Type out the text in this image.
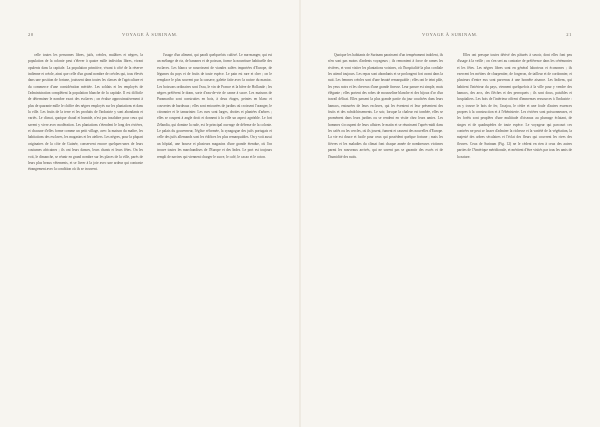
20	VOYAGE À SURINAM.

celle toutes les personnes libres, juifs, créoles, mulâtres et nègres, la population de la colonie peut s'élever à quatre mille individus libres, vivant opulents dans la capitale. La population primitive, vivant à côté de la réserve indienne et créole, ainsi que celle d'un grand nombre de créoles qui, tous élevés dans une position de fortune, jouissent dans toutes les classes de l'agriculture et du commerce d'une considération méritée. Les soldats et les employés de l'administration complètent la population blanche de la capitale. Il est difficile de déterminer le nombre exact des esclaves ; on évalue approximativement à plus de quarante mille le chiffre des nègres employés sur les plantations et dans la ville. Les fruits de la terre et les produits de l'industrie y sont abondants et variés. Le climat, quoique chaud et humide, n'est pas insalubre pour ceux qui savent y vivre avec modération. Les plantations s'étendent le long des rivières, et chacune d'elles forme comme un petit village, avec la maison du maître, les habitations des esclaves, les magasins et les ateliers. Les nègres, pour la plupart originaires de la côte de Guinée, conservent encore quelques-unes de leurs coutumes africaines ; ils ont leurs danses, leurs chants et leurs fêtes. On les voit, le dimanche, se réunir en grand nombre sur les places de la ville, parés de leurs plus beaux vêtements, et se livrer à la joie avec une ardeur qui contraste étrangement avec la condition où ils se trouvent.

l'usage d'un aliment, qui paraît quelquefois cultivé. Le ma-manger, qui est un mélange de riz, de bananes et de poisson, forme la nourriture habituelle des esclaves. Les blancs se nourrissent de viandes salées importées d'Europe, de légumes du pays et de fruits de toute espèce. Le pain est rare et cher ; on le remplace le plus souvent par la cassave, galette faite avec la racine du manioc. Les boissons ordinaires sont l'eau, le vin de France et la bière de Hollande ; les nègres préfèrent le dram, sorte d'eau-de-vie de canne à sucre. Les maisons de Paramaribo sont construites en bois, à deux étages, peintes en blanc et couvertes de bardeaux ; elles sont entourées de jardins où croissent l'oranger, le citronnier et le tamarinier. Les rues sont larges, droites et plantées d'arbres ; elles se coupent à angle droit et donnent à la ville un aspect agréable. Le fort Zélandia, qui domine la rade, est le principal ouvrage de défense de la colonie. Le palais du gouverneur, l'église réformée, la synagogue des juifs portugais et celle des juifs allemands sont les édifices les plus remarquables. On y voit aussi un hôpital, une bourse et plusieurs magasins d'une grande étendue, où l'on trouve toutes les marchandises de l'Europe et des Indes. Le port est toujours rempli de navires qui viennent charger le sucre, le café, le cacao et le coton.

VOYAGE À SURINAM.	21

Quoique les habitants de Surinam paraissent d'un tempérament indolent, ils n'en sont pas moins d'ardents voyageurs ; ils remontent à force de rames les rivières, et vont visiter les plantations voisines, où l'hospitalité la plus cordiale les attend toujours. Les repas sont abondants et se prolongent fort avant dans la nuit. Les femmes créoles sont d'une beauté remarquable ; elles ont le teint pâle, les yeux noirs et les cheveux d'une grande finesse. Leur parure est simple, mais élégante ; elles portent des robes de mousseline blanche et des bijoux d'or d'un travail délicat. Elles passent la plus grande partie du jour couchées dans leurs hamacs, entourées de leurs esclaves, qui les éventent et leur présentent des fruits et des rafraîchissements. Le soir, lorsque la chaleur est tombée, elles se promènent dans leurs jardins ou se rendent en visite chez leurs amies. Les hommes s'occupent de leurs affaires le matin et se réunissent l'après-midi dans les cafés ou les cercles, où ils jouent, fument et causent des nouvelles d'Europe. La vie est douce et facile pour ceux qui possèdent quelque fortune ; mais les fièvres et les maladies du climat font chaque année de nombreuses victimes parmi les nouveaux arrivés, qui ne savent pas se garantir des excès et de l'humidité des nuits.

Elles ont presque toutes dérivé des pâturés à savoir, dont elles font peu d'usage à la veille ; on s'en sert au contraire de préférence dans les cérémonies et les fêtes. Les nègres libres sont en général laborieux et économes ; ils exercent les métiers de charpentier, de forgeron, de tailleur et de cordonnier, et plusieurs d'entre eux sont parvenus à une honnête aisance. Les Indiens, qui habitent l'intérieur du pays, viennent quelquefois à la ville pour y vendre des hamacs, des arcs, des flèches et des perroquets ; ils sont doux, paisibles et hospitaliers. Les bois de l'intérieur offrent d'immenses ressources à l'industrie : on y trouve le bois de fer, l'acajou, le cèdre et une foule d'autres essences propres à la construction et à l'ébénisterie. Les rivières sont poissonneuses, et les forêts sont peuplées d'une multitude d'oiseaux au plumage éclatant, de singes et de quadrupèdes de toute espèce. Le voyageur qui parcourt ces contrées ne peut se lasser d'admirer la richesse et la variété de la végétation, la majesté des arbres séculaires et l'éclat des fleurs qui couvrent les rives des fleuves. Ceux de Surinam (Fig. 12) ne le cèdent en rien à ceux des autres parties de l'Amérique méridionale, et méritent d'être visités par tous les amis de la nature.
